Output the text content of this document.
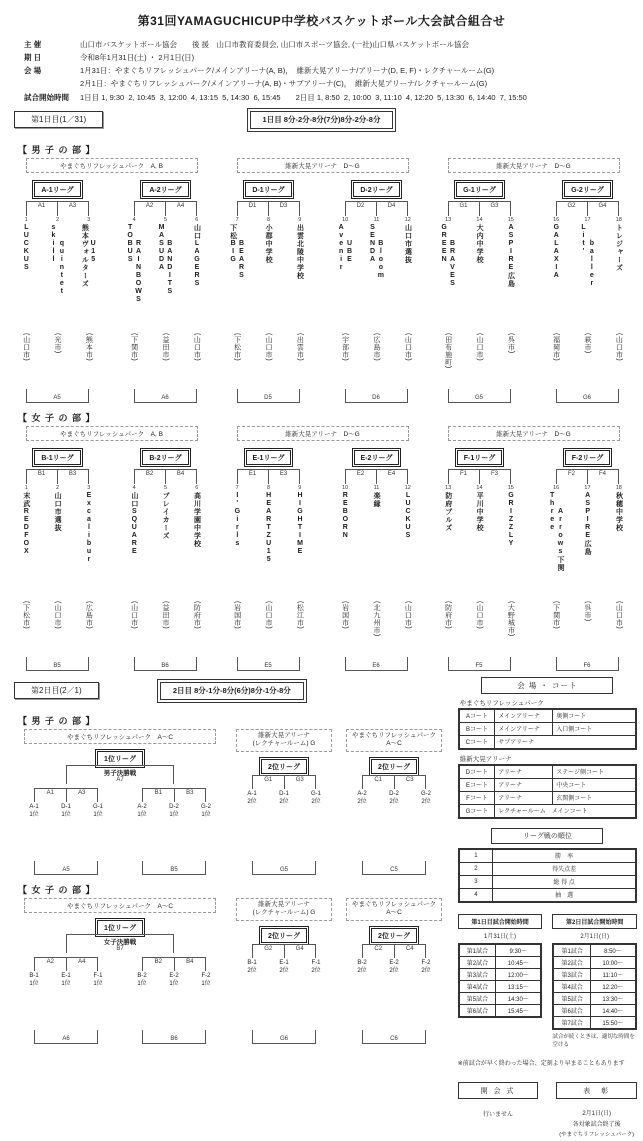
第31回YAMAGUCHICUP中学校バスケットボール大会試合組合せ
主 催	山口市バスケットボール協会　　後 援　山口市教育委員会, 山口市スポーツ協会, (一社)山口県バスケットボール協会
期 日	令和8年1月31日(土) ・ 2月1日(日)
会 場	1月31日：やまぐちリフレッシュパーク/メインアリーナ(A, B)，　維新大晃アリーナ/アリーナ(D, E, F)・レクチャールーム(G)
2月1日：やまぐちリフレッシュパーク/メインアリーナ(A, B)・サブアリーナ(C)，　維新大晃アリーナ/レクチャールーム(G)
試合開始時間	1日目 1, 9:30  2, 10:45  3, 12:00  4, 13:15  5, 14:30  6, 15:45　　2日目 1, 8:50  2, 10:00  3, 11:10  4, 12:20  5, 13:30  6, 14:40  7, 15:50
第1日目(1／31)	1日目 8分-2分-8分(7分)8分-2分-8分
【 男 子 の 部 】
やまぐちリフレッシュパーク　A, B
A-1リーグ
A1	A3
1
LUCKUS
(山口市)
2
skill quintet
(光市)
3
熊本ヴォルターズ U15
(熊本市)
A5
A-2リーグ
A2	A4
4
TOBUS RAINBOWS
(下関市)
5
MASUDA BANDITS
(益田市)
6
山口LAGERS
(山口市)
A6
維新大晃アリーナ　D～G
D-1リーグ
D1	D3
7
下松BIG BEARS
(下松市)
8
小郡中学校
(山口市)
9
出雲北陵中学校
(出雲市)
D5
D-2リーグ
D2	D4
10
Avenir UBE
(宇部市)
11
SENDA Bloom
(広島市)
12
山口市選抜
(山口市)
D6
維新大晃アリーナ　D～G
G-1リーグ
G1	G3
13
GREEN BRAVES
(田布施町)
14
大内中学校
(山口市)
15
ASPIRE広島
(呉市)
G5
G-2リーグ
G2	G4
16
GALAXIA
(福岡市)
17
Lit' baller
(萩市)
18
トレジャーズ
(山口市)
G6
【 女 子 の 部 】
やまぐちリフレッシュパーク　A, B
B-1リーグ
B1	B3
1
末武REDFOX
(下松市)
2
山口市選抜
(山口市)
3
Excalibur
(広島市)
B5
B-2リーグ
B2	B4
4
山口SQUARE
(山口市)
5
ブレイカーズ
(益田市)
6
高川学園中学校
(防府市)
B6
維新大晃アリーナ　D～G
E-1リーグ
E1	E3
7
I'Girls
(岩国市)
8
HEARTZU15
(山口市)
9
HIGHTIME
(松江市)
E5
E-2リーグ
E2	E4
10
REBORN
(岩国市)
11
楽縁
(北九州市)
12
LUCKUS
(山口市)
E6
維新大晃アリーナ　D～G
F-1リーグ
F1	F3
13
防府ブルズ
(防府市)
14
平川中学校
(山口市)
15
GRIZZLY
(大野城市)
F5
F-2リーグ
F2	F4
16
Three Arrows下関
(下関市)
17
ASPIRE広島
(呉市)
18
秋穂中学校
(山口市)
F6
第2日目(2／1)	2日目 8分-1分-8分(6分)8分-1分-8分
【 男 子 の 部 】
やまぐちリフレッシュパーク　A～C
1位リーグ
男子決勝戦
A7
A1	A3
A-1
1位
D-1
1位
G-1
1位
B1	B3
A-2
1位
D-2
1位
G-2
1位
A5	B5
維新大晃アリーナ
(レクチャールーム) G
2位リーグ
G1	G3
A-1
2位
D-1
2位
G-1
2位
G5
やまぐちリフレッシュパーク
A～C
2位リーグ
C1	C3
A-2
2位
D-2
2位
G-2
2位
C5
【 女 子 の 部 】
やまぐちリフレッシュパーク　A～C
1位リーグ
女子決勝戦
B7
A2	A4
B-1
1位
E-1
1位
F-1
1位
B2	B4
B-2
1位
E-2
1位
F-2
1位
A6	B6
維新大晃アリーナ
(レクチャールーム) G
2位リーグ
G2	G4
B-1
2位
E-1
2位
F-1
2位
G6
やまぐちリフレッシュパーク
A～C
2位リーグ
C2	C4
B-2
2位
E-2
2位
F-2
2位
C6
会 場 ・ コート
やまぐちリフレッシュパーク
Aコート	メインアリーナ	奥側コート
Bコート	メインアリーナ	入口側コート
Cコート	サブアリーナ	
維新大晃アリーナ
Dコート	アリーナ	ステージ側コート
Eコート	アリーナ	中央コート
Fコート	アリーナ	玄関側コート
Gコート	レクチャールーム　メインコート	
リーグ戦の順位
1	勝　率
2	得失点差
3	総 得 点
4	抽　選
第1日目試合開始時間
1月31日(土)
第1試合	9:30～
第2試合	10:45～
第3試合	12:00～
第4試合	13:15～
第5試合	14:30～
第6試合	15:45～
第2日目試合開始時間
2月1日(日)
第1試合	8:50～
第2試合	10:00～
第3試合	11:10～
第4試合	12:20～
第5試合	13:30～
第6試合	14:40～
第7試合	15:50～
試合が続くときは、適切な時間を空ける
※前試合が早く終わった場合、定刻より早まることもあります
開 会 式
行いません
表　彰
2月1日(日)
各対象試合終了後
(やまぐちリフレッシュパーク)
